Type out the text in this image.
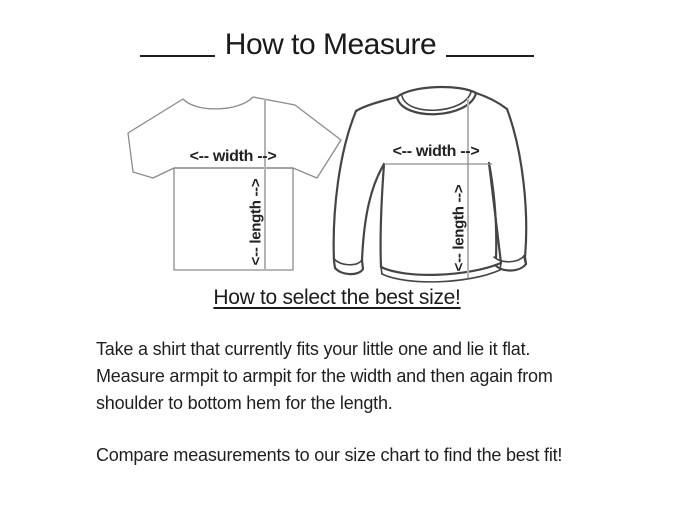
How to Measure
<-- width -->
<-- length -->
<-- width -->
<-- length -->
How to select the best size!
Take a shirt that currently fits your little one and lie it flat.
Measure armpit to armpit for the width and then again from
shoulder to bottom hem for the length.
Compare measurements to our size chart to find the best fit!
